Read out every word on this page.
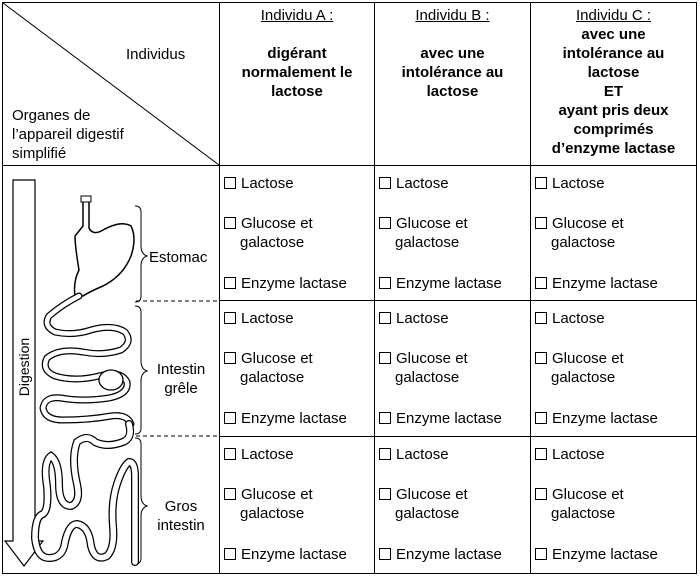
Individus
Organes de
l’appareil digestif
simplifié
Individu A :
digérant
normalement le
lactose
Individu B :
avec une
intolérance au
lactose
Individu C :
avec une
intolérance au
lactose
ET
ayant pris deux
comprimés
d’enzyme lactase
Digestion
Estomac
Intestin
grêle
Gros
intestin
Lactose
Glucose et
galactose
Enzyme lactase
Lactose
Glucose et
galactose
Enzyme lactase
Lactose
Glucose et
galactose
Enzyme lactase
Lactose
Glucose et
galactose
Enzyme lactase
Lactose
Glucose et
galactose
Enzyme lactase
Lactose
Glucose et
galactose
Enzyme lactase
Lactose
Glucose et
galactose
Enzyme lactase
Lactose
Glucose et
galactose
Enzyme lactase
Lactose
Glucose et
galactose
Enzyme lactase
